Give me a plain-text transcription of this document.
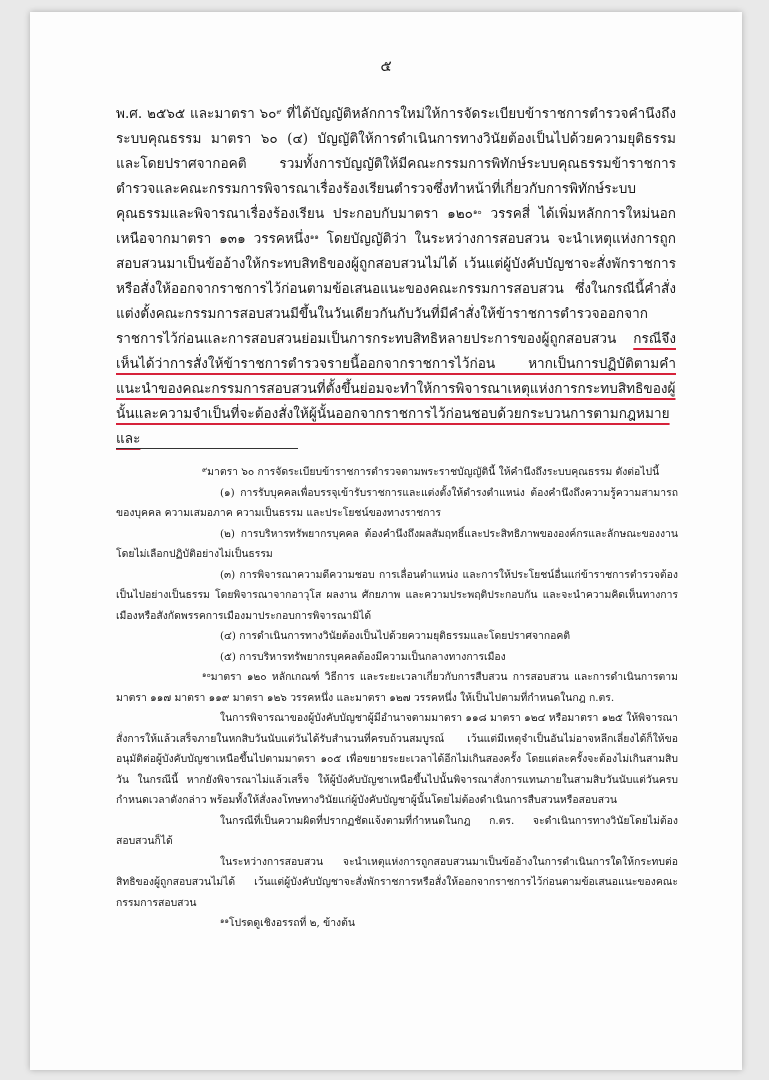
๕

พ.ศ. ๒๕๖๕ และมาตรา ๖๐$^๙$ ที่ได้บัญญัติหลักการใหม่ให้การจัดระเบียบข้าราชการตำรวจคำนึงถึงระบบคุณธรรม มาตรา ๖๐ (๔) บัญญัติให้การดำเนินการทางวินัยต้องเป็นไปด้วยความยุติธรรมและโดยปราศจากอคติ รวมทั้งการบัญญัติให้มีคณะกรรมการพิทักษ์ระบบคุณธรรมข้าราชการตำรวจและคณะกรรมการพิจารณาเรื่องร้องเรียนตำรวจซึ่งทำหน้าที่เกี่ยวกับการพิทักษ์ระบบคุณธรรมและพิจารณาเรื่องร้องเรียน ประกอบกับมาตรา ๑๒๐$^{๑๐}$ วรรคสี่ ได้เพิ่มหลักการใหม่นอกเหนือจากมาตรา ๑๓๑ วรรคหนึ่ง$^{๑๑}$ โดยบัญญัติว่า ในระหว่างการสอบสวน จะนำเหตุแห่งการถูกสอบสวนมาเป็นข้ออ้างให้กระทบสิทธิของผู้ถูกสอบสวนไม่ได้ เว้นแต่ผู้บังคับบัญชาจะสั่งพักราชการหรือสั่งให้ออกจากราชการไว้ก่อนตามข้อเสนอแนะของคณะกรรมการสอบสวน ซึ่งในกรณีนี้คำสั่งแต่งตั้งคณะกรรมการสอบสวนมีขึ้นในวันเดียวกันกับวันที่มีคำสั่งให้ข้าราชการตำรวจออกจากราชการไว้ก่อนและการสอบสวนย่อมเป็นการกระทบสิทธิหลายประการของผู้ถูกสอบสวน กรณีจึงเห็นได้ว่าการสั่งให้ข้าราชการตำรวจรายนี้ออกจากราชการไว้ก่อน หากเป็นการปฏิบัติตามคำแนะนำของคณะกรรมการสอบสวนที่ตั้งขึ้นย่อมจะทำให้การพิจารณาเหตุแห่งการกระทบสิทธิของผู้นั้นและความจำเป็นที่จะต้องสั่งให้ผู้นั้นออกจากราชการไว้ก่อนชอบด้วยกระบวนการตามกฎหมายและ

$^๙$มาตรา ๖๐ การจัดระเบียบข้าราชการตำรวจตามพระราชบัญญัตินี้ ให้คำนึงถึงระบบคุณธรรม ดังต่อไปนี้

(๑) การรับบุคคลเพื่อบรรจุเข้ารับราชการและแต่งตั้งให้ดำรงตำแหน่ง ต้องคำนึงถึงความรู้ความสามารถของบุคคล ความเสมอภาค ความเป็นธรรม และประโยชน์ของทางราชการ

(๒) การบริหารทรัพยากรบุคคล ต้องคำนึงถึงผลสัมฤทธิ์และประสิทธิภาพขององค์กรและลักษณะของงาน โดยไม่เลือกปฏิบัติอย่างไม่เป็นธรรม

(๓) การพิจารณาความดีความชอบ การเลื่อนตำแหน่ง และการให้ประโยชน์อื่นแก่ข้าราชการตำรวจต้องเป็นไปอย่างเป็นธรรม โดยพิจารณาจากอาวุโส ผลงาน ศักยภาพ และความประพฤติประกอบกัน และจะนำความคิดเห็นทางการเมืองหรือสังกัดพรรคการเมืองมาประกอบการพิจารณามิได้

(๔) การดำเนินการทางวินัยต้องเป็นไปด้วยความยุติธรรมและโดยปราศจากอคติ

(๕) การบริหารทรัพยากรบุคคลต้องมีความเป็นกลางทางการเมือง

$^{๑๐}$มาตรา ๑๒๐ หลักเกณฑ์ วิธีการ และระยะเวลาเกี่ยวกับการสืบสวน การสอบสวน และการดำเนินการตามมาตรา ๑๑๗ มาตรา ๑๑๙ มาตรา ๑๒๖ วรรคหนึ่ง และมาตรา ๑๒๗ วรรคหนึ่ง ให้เป็นไปตามที่กำหนดในกฎ ก.ตร.

ในการพิจารณาของผู้บังคับบัญชาผู้มีอำนาจตามมาตรา ๑๑๘ มาตรา ๑๒๔ หรือมาตรา ๑๒๕ ให้พิจารณาสั่งการให้แล้วเสร็จภายในหกสิบวันนับแต่วันได้รับสำนวนที่ครบถ้วนสมบูรณ์ เว้นแต่มีเหตุจำเป็นอันไม่อาจหลีกเลี่ยงได้ก็ให้ขออนุมัติต่อผู้บังคับบัญชาเหนือขึ้นไปตามมาตรา ๑๐๕ เพื่อขยายระยะเวลาได้อีกไม่เกินสองครั้ง โดยแต่ละครั้งจะต้องไม่เกินสามสิบวัน ในกรณีนี้ หากยังพิจารณาไม่แล้วเสร็จ ให้ผู้บังคับบัญชาเหนือขึ้นไปนั้นพิจารณาสั่งการแทนภายในสามสิบวันนับแต่วันครบกำหนดเวลาดังกล่าว พร้อมทั้งให้สั่งลงโทษทางวินัยแก่ผู้บังคับบัญชาผู้นั้นโดยไม่ต้องดำเนินการสืบสวนหรือสอบสวน

ในกรณีที่เป็นความผิดที่ปรากฏชัดแจ้งตามที่กำหนดในกฎ ก.ตร. จะดำเนินการทางวินัยโดยไม่ต้องสอบสวนก็ได้

ในระหว่างการสอบสวน จะนำเหตุแห่งการถูกสอบสวนมาเป็นข้ออ้างในการดำเนินการใดให้กระทบต่อสิทธิของผู้ถูกสอบสวนไม่ได้ เว้นแต่ผู้บังคับบัญชาจะสั่งพักราชการหรือสั่งให้ออกจากราชการไว้ก่อนตามข้อเสนอแนะของคณะกรรมการสอบสวน

$^{๑๑}$โปรดดูเชิงอรรถที่ ๒, ข้างต้น
